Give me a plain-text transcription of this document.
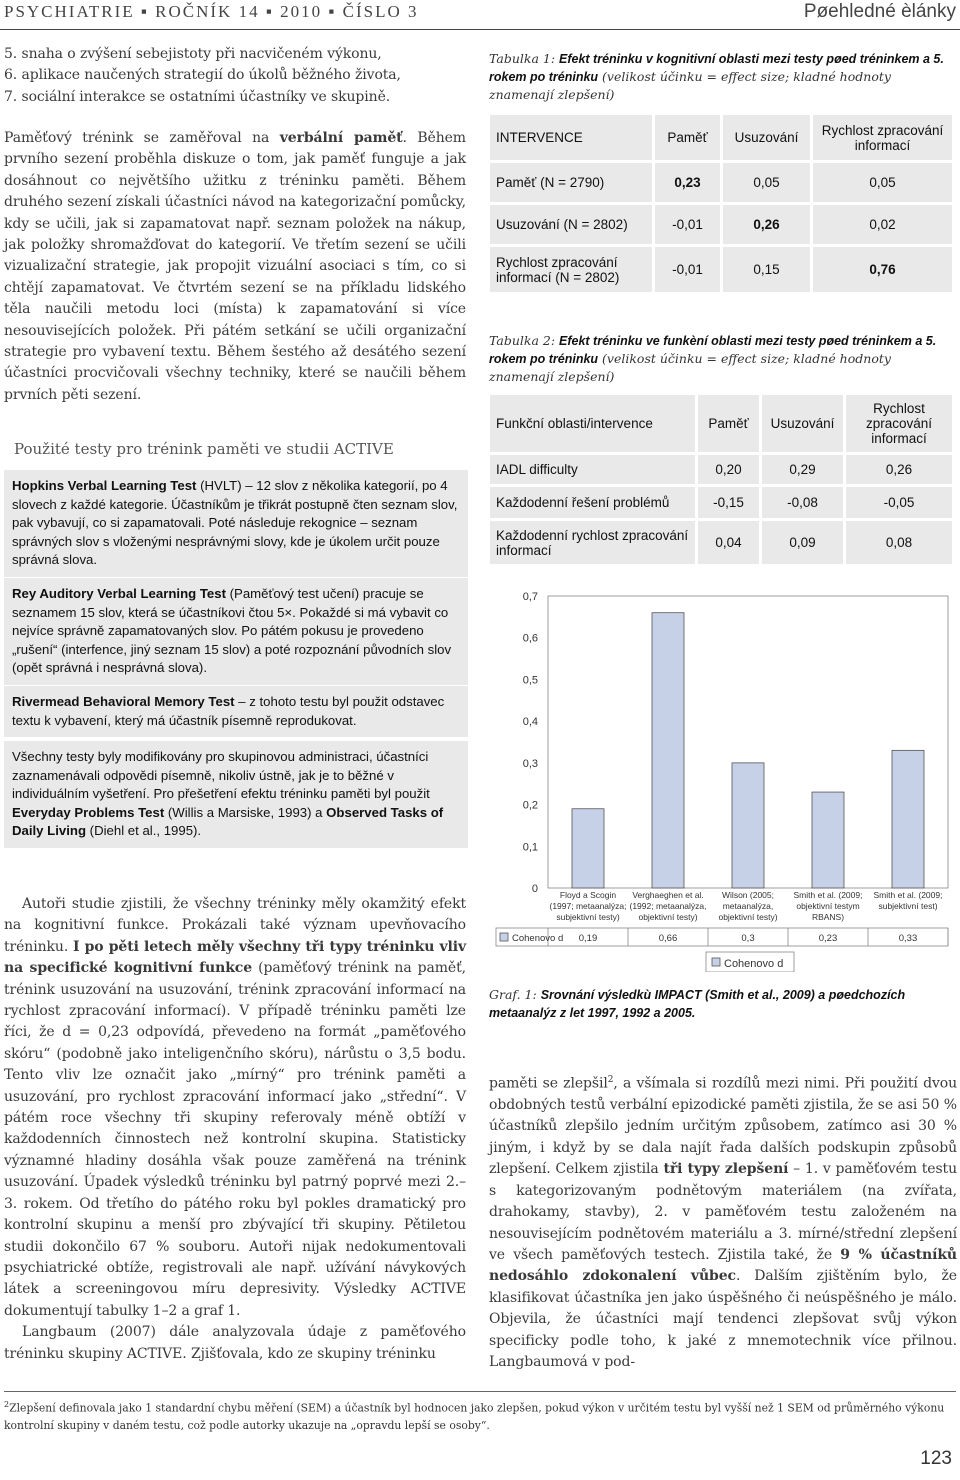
PSYCHIATRIE ▪ ROČNÍK 14 ▪ 2010 ▪ ČÍSLO 3	Pøehledné èlánky

5. snaha o zvýšení sebejistoty při nacvičeném výkonu,

6. aplikace naučených strategií do úkolů běžného života,

7. sociální interakce se ostatními účastníky ve skupině.

Paměťový trénink se zaměřoval na verbální paměť. Během prvního sezení proběhla diskuze o tom, jak paměť funguje a jak dosáhnout co největšího užitku z tréninku paměti. Během druhého sezení získali účastníci návod na kategorizační pomůcky, kdy se učili, jak si zapamatovat např. seznam položek na nákup, jak položky shromažďovat do kategorií. Ve třetím sezení se učili vizualizační strategie, jak propojit vizuální asociaci s tím, co si chtějí zapamatovat. Ve čtvrtém sezení se na příkladu lidského těla naučili metodu loci (místa) k zapamatování si více nesouvisejících položek. Při pátém setkání se učili organizační strategie pro vybavení textu. Během šestého až desátého sezení účastníci procvičovali všechny techniky, které se naučili během prvních pěti sezení.

Použité testy pro trénink paměti ve studii ACTIVE
Hopkins Verbal Learning Test (HVLT) – 12 slov z několika kategorií, po 4 slovech z každé kategorie. Účastníkům je třikrát postupně čten seznam slov, pak vybavují, co si zapamatovali. Poté následuje rekognice – seznam správných slov s vloženými nesprávnými slovy, kde je úkolem určit pouze správná slova.
Rey Auditory Verbal Learning Test (Paměťový test učení) pracuje se seznamem 15 slov, která se účastníkovi čtou 5×. Pokaždé si má vybavit co nejvíce správně zapamatovaných slov. Po pátém pokusu je provedeno „rušení“ (interfence, jiný seznam 15 slov) a poté rozpoznání původních slov (opět správná i nesprávná slova).
Rivermead Behavioral Memory Test – z tohoto testu byl použit odstavec textu k vybavení, který má účastník písemně reprodukovat.
Všechny testy byly modifikovány pro skupinovou administraci, účastníci zaznamenávali odpovědi písemně, nikoliv ústně, jak je to běžné v individuálním vyšetření. Pro přešetření efektu tréninku paměti byl použit Everyday Problems Test (Willis a Marsiske, 1993) a Observed Tasks of Daily Living (Diehl et al., 1995).

Autoři studie zjistili, že všechny tréninky měly okamžitý efekt na kognitivní funkce. Prokázali také význam upevňovacího tréninku. I po pěti letech měly všechny tři typy tréninku vliv na specifické kognitivní funkce (paměťový trénink na paměť, trénink usuzování na usuzování, trénink zpracování informací na rychlost zpracování informací). V případě tréninku paměti lze říci, že d = 0,23 odpovídá, převedeno na formát „paměťového skóru“ (podobně jako inteligenčního skóru), nárůstu o 3,5 bodu. Tento vliv lze označit jako „mírný“ pro trénink paměti a usuzování, pro rychlost zpracování informací jako „střední“. V pátém roce všechny tři skupiny referovaly méně obtíží v každodenních činnostech než kontrolní skupina. Statisticky významné hladiny dosáhla však pouze zaměřená na trénink usuzování. Úpadek výsledků tréninku byl patrný poprvé mezi 2.–3. rokem. Od třetího do pátého roku byl pokles dramatický pro kontrolní skupinu a menší pro zbývající tři skupiny. Pětiletou studii dokončilo 67 % souboru. Autoři nijak nedokumentovali psychiatrické obtíže, registrovali ale např. užívání návykových látek a screeningovou míru depresivity. Výsledky ACTIVE dokumentují tabulky 1–2 a graf 1.

Langbaum (2007) dále analyzovala údaje z paměťového tréninku skupiny ACTIVE. Zjišťovala, kdo ze skupiny tréninku

Tabulka 1: Efekt tréninku v kognitivní oblasti mezi testy pøed tréninkem a 5. rokem po tréninku (velikost účinku = effect size; kladné hodnoty znamenají zlepšení)
INTERVENCE	Paměť	Usuzování	Rychlost zpracování informací
Paměť (N = 2790)	0,23	0,05	0,05
Usuzování (N = 2802)	-0,01	0,26	0,02
Rychlost zpracování informací (N = 2802)	-0,01	0,15	0,76
Tabulka 2: Efekt tréninku ve funkèní oblasti mezi testy pøed tréninkem a 5. rokem po tréninku (velikost účinku = effect size; kladné hodnoty znamenají zlepšení)
Funkční oblasti/intervence	Paměť	Usuzování	Rychlost zpracování informací
IADL difficulty	0,20	0,29	0,26
Každodenní řešení problémů	-0,15	-0,08	-0,05
Každodenní rychlost zpracování informací	0,04	0,09	0,08
0
0,1
0,2
0,3
0,4
0,5
0,6
0,7
Floyd a Scogin (1997; metaanalýza; subjektivní testy)
Verghaeghen et al. (1992; metaanalýza, objektivní testy)
Wilson (2005; metaanalýza, objektivní testy)
Smith et al. (2009; objektivní testym RBANS)
Smith et al. (2009; subjektivní test)
Cohenovo d 0,19	0,66	0,3	0,23	0,33
Cohenovo d
Graf. 1: Srovnání výsledkù IMPACT (Smith et al., 2009) a pøedchozích metaanalýz z let 1997, 1992 a 2005.

paměti se zlepšil$^2$, a všímala si rozdílů mezi nimi. Při použití dvou obdobných testů verbální epizodické paměti zjistila, že se asi 50 % účastníků zlepšilo jedním určitým způsobem, zatímco asi 30 % jiným, i když by se dala najít řada dalších podskupin způsobů zlepšení. Celkem zjistila tři typy zlepšení – 1. v paměťovém testu s kategorizovaným podnětovým materiálem (na zvířata, drahokamy, stavby), 2. v paměťovém testu založeném na nesouvisejícím podnětovém materiálu a 3. mírné/střední zlepšení ve všech paměťových testech. Zjistila také, že 9 % účastníků nedosáhlo zdokonalení vůbec. Dalším zjištěním bylo, že klasifikovat účastníka jen jako úspěšného či neúspěšného je málo. Objevila, že účastníci mají tendenci zlepšovat svůj výkon specificky podle toho, k jaké z mnemotechnik více přilnou. Langbaumová v pod-

$^2$Zlepšení definovala jako 1 standardní chybu měření (SEM) a účastník byl hodnocen jako zlepšen, pokud výkon v určitém testu byl vyšší než 1 SEM od průměrného výkonu kontrolní skupiny v daném testu, což podle autorky ukazuje na „opravdu lepší se osoby“.
123
